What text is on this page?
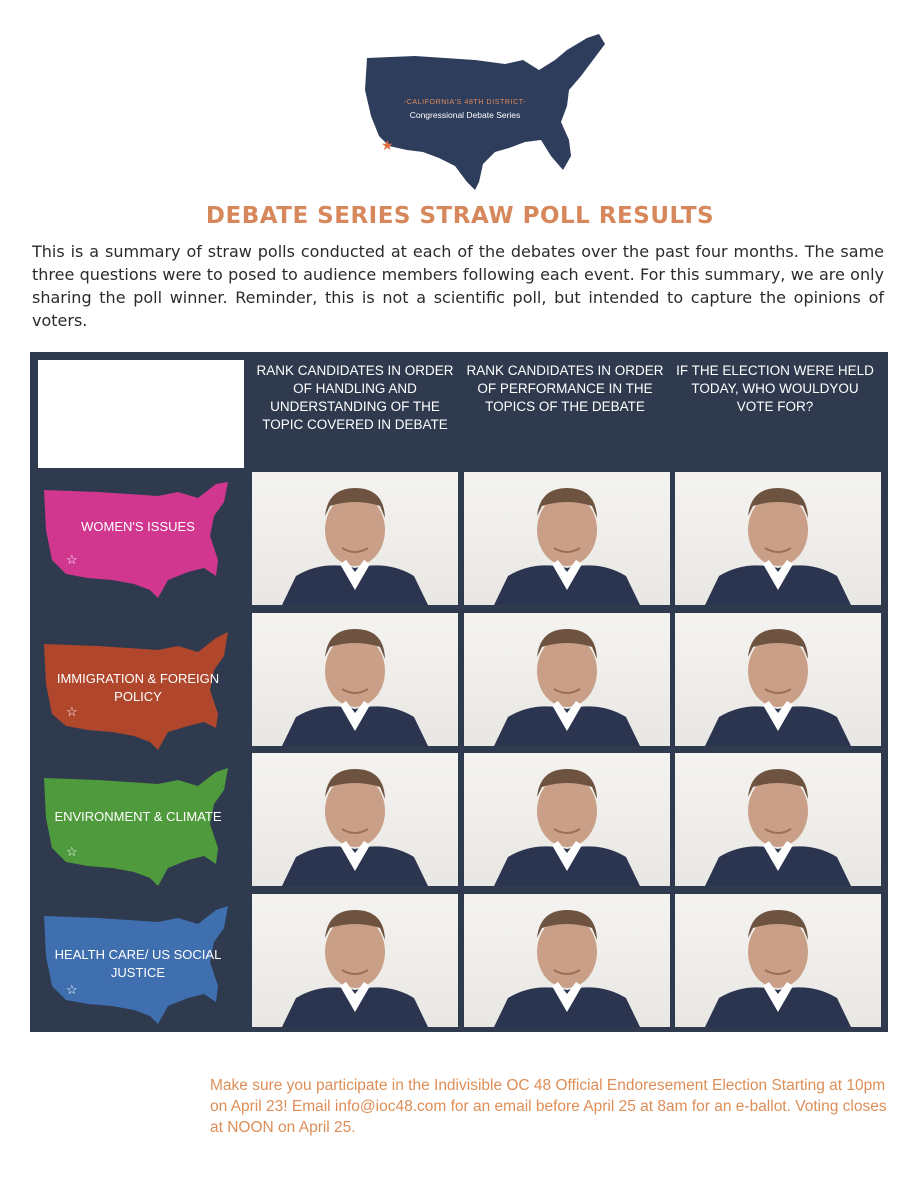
-CALIFORNIA'S 48TH DISTRICT-
Congressional Debate Series
★
DEBATE SERIES STRAW POLL RESULTS
This is a summary of straw polls conducted at each of the debates over the past four months. The same three questions were to posed to audience members following each event. For this summary, we are only sharing the poll winner. Reminder, this is not a scientific poll, but intended to capture the opinions of voters.
RANK CANDIDATES IN ORDER OF HANDLING AND UNDERSTANDING OF THE TOPIC COVERED IN DEBATE
RANK CANDIDATES IN ORDER OF PERFORMANCE IN THE TOPICS OF THE DEBATE
IF THE ELECTION WERE HELD TODAY, WHO WOULDYOU VOTE FOR?
WOMEN'S ISSUES
☆
IMMIGRATION & FOREIGN POLICY
☆
ENVIRONMENT & CLIMATE
☆
HEALTH CARE/ US SOCIAL JUSTICE
☆
Make sure you participate in the Indivisible OC 48 Official Endoresement Election Starting at 10pm on April 23! Email info@ioc48.com for an email before April 25 at 8am for an e-ballot. Voting closes at NOON on April 25.
